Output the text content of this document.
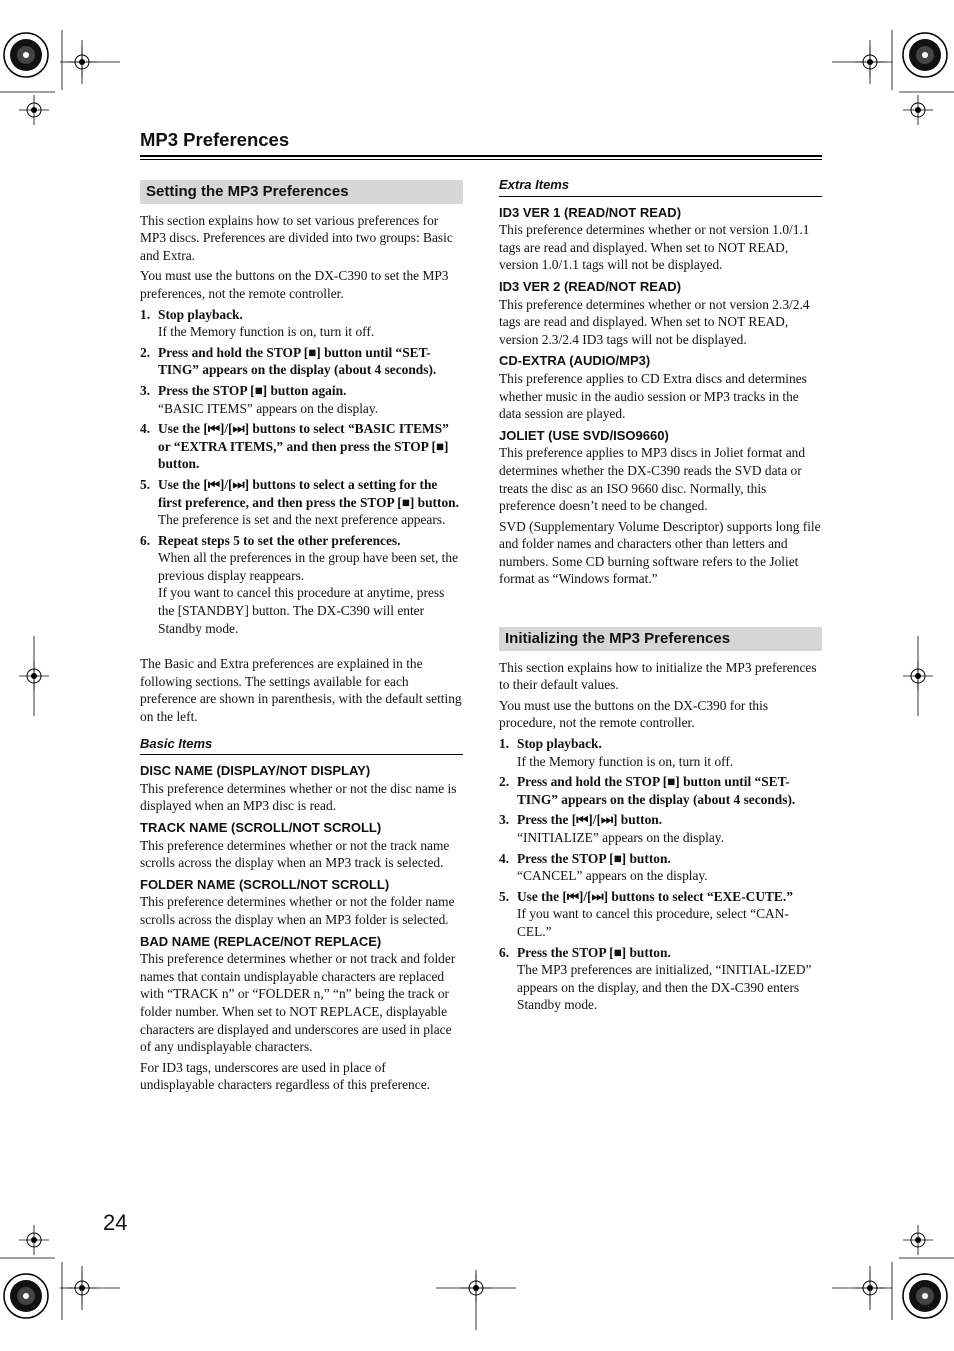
MP3 Preferences
Setting the MP3 Preferences

This section explains how to set various preferences for MP3 discs. Preferences are divided into two groups: Basic and Extra.

You must use the buttons on the DX-C390 to set the MP3 preferences, not the remote controller.

1. Stop playback.
If the Memory function is on, turn it off.
2. Press and hold the STOP [■] button until “SET-TING” appears on the display (about 4 seconds).
3. Press the STOP [■] button again.
“BASIC ITEMS” appears on the display.
4. Use the [⏮]/[⏭] buttons to select “BASIC ITEMS” or “EXTRA ITEMS,” and then press the STOP [■] button.
5. Use the [⏮]/[⏭] buttons to select a setting for the first preference, and then press the STOP [■] button.
The preference is set and the next preference appears.
6. Repeat steps 5 to set the other preferences.
When all the preferences in the group have been set, the previous display reappears.
If you want to cancel this procedure at anytime, press the [STANDBY] button. The DX-C390 will enter Standby mode.

The Basic and Extra preferences are explained in the following sections. The settings available for each preference are shown in parenthesis, with the default setting on the left.

Basic Items
DISC NAME (DISPLAY/NOT DISPLAY)

This preference determines whether or not the disc name is displayed when an MP3 disc is read.

TRACK NAME (SCROLL/NOT SCROLL)

This preference determines whether or not the track name scrolls across the display when an MP3 track is selected.

FOLDER NAME (SCROLL/NOT SCROLL)

This preference determines whether or not the folder name scrolls across the display when an MP3 folder is selected.

BAD NAME (REPLACE/NOT REPLACE)

This preference determines whether or not track and folder names that contain undisplayable characters are replaced with “TRACK n” or “FOLDER n,” “n” being the track or folder number. When set to NOT REPLACE, displayable characters are displayed and underscores are used in place of any undisplayable characters.

For ID3 tags, underscores are used in place of undisplayable characters regardless of this preference.

Extra Items
ID3 VER 1 (READ/NOT READ)

This preference determines whether or not version 1.0/1.1 tags are read and displayed. When set to NOT READ, version 1.0/1.1 tags will not be displayed.

ID3 VER 2 (READ/NOT READ)

This preference determines whether or not version 2.3/2.4 tags are read and displayed. When set to NOT READ, version 2.3/2.4 ID3 tags will not be displayed.

CD-EXTRA (AUDIO/MP3)

This preference applies to CD Extra discs and determines whether music in the audio session or MP3 tracks in the data session are played.

JOLIET (USE SVD/ISO9660)

This preference applies to MP3 discs in Joliet format and determines whether the DX-C390 reads the SVD data or treats the disc as an ISO 9660 disc. Normally, this preference doesn’t need to be changed.

SVD (Supplementary Volume Descriptor) supports long file and folder names and characters other than letters and numbers. Some CD burning software refers to the Joliet format as “Windows format.”

Initializing the MP3 Preferences

This section explains how to initialize the MP3 preferences to their default values.

You must use the buttons on the DX-C390 for this procedure, not the remote controller.

1. Stop playback.
If the Memory function is on, turn it off.
2. Press and hold the STOP [■] button until “SET-TING” appears on the display (about 4 seconds).
3. Press the [⏮]/[⏭] button.
“INITIALIZE” appears on the display.
4. Press the STOP [■] button.
“CANCEL” appears on the display.
5. Use the [⏮]/[⏭] buttons to select “EXE-CUTE.”
If you want to cancel this procedure, select “CAN-CEL.”
6. Press the STOP [■] button.
The MP3 preferences are initialized, “INITIAL-IZED” appears on the display, and then the DX-C390 enters Standby mode.
24
